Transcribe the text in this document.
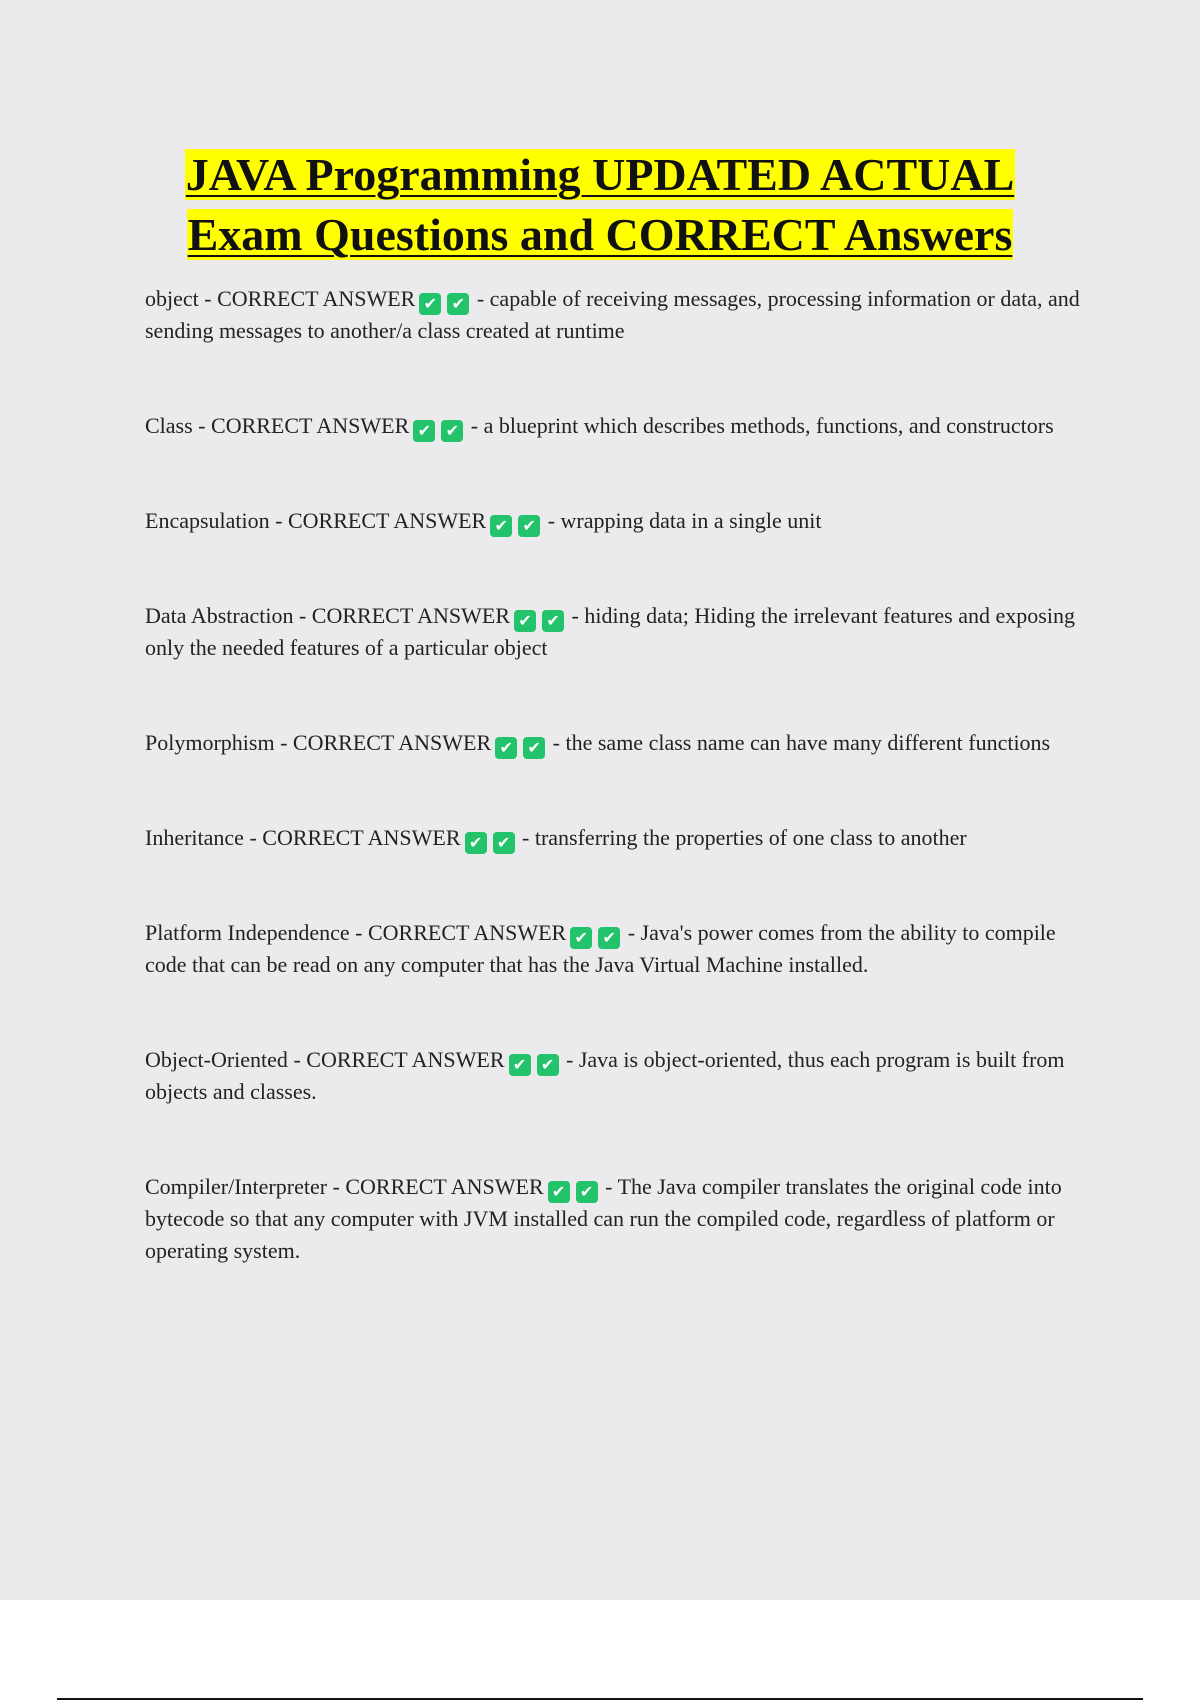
JAVA Programming UPDATED ACTUAL
Exam Questions and CORRECT Answers

object - CORRECT ANSWER ✔ ✔ - capable of receiving messages, processing information or data, and sending messages to another/a class created at runtime

Class - CORRECT ANSWER ✔ ✔ - a blueprint which describes methods, functions, and constructors

Encapsulation - CORRECT ANSWER ✔ ✔ - wrapping data in a single unit

Data Abstraction - CORRECT ANSWER ✔ ✔ - hiding data; Hiding the irrelevant features and exposing only the needed features of a particular object

Polymorphism - CORRECT ANSWER ✔ ✔ - the same class name can have many different functions

Inheritance - CORRECT ANSWER ✔ ✔ - transferring the properties of one class to another

Platform Independence - CORRECT ANSWER ✔ ✔ - Java's power comes from the ability to compile code that can be read on any computer that has the Java Virtual Machine installed.

Object-Oriented - CORRECT ANSWER ✔ ✔ - Java is object-oriented, thus each program is built from objects and classes.

Compiler/Interpreter - CORRECT ANSWER ✔ ✔ - The Java compiler translates the original code into bytecode so that any computer with JVM installed can run the compiled code, regardless of platform or operating system.
